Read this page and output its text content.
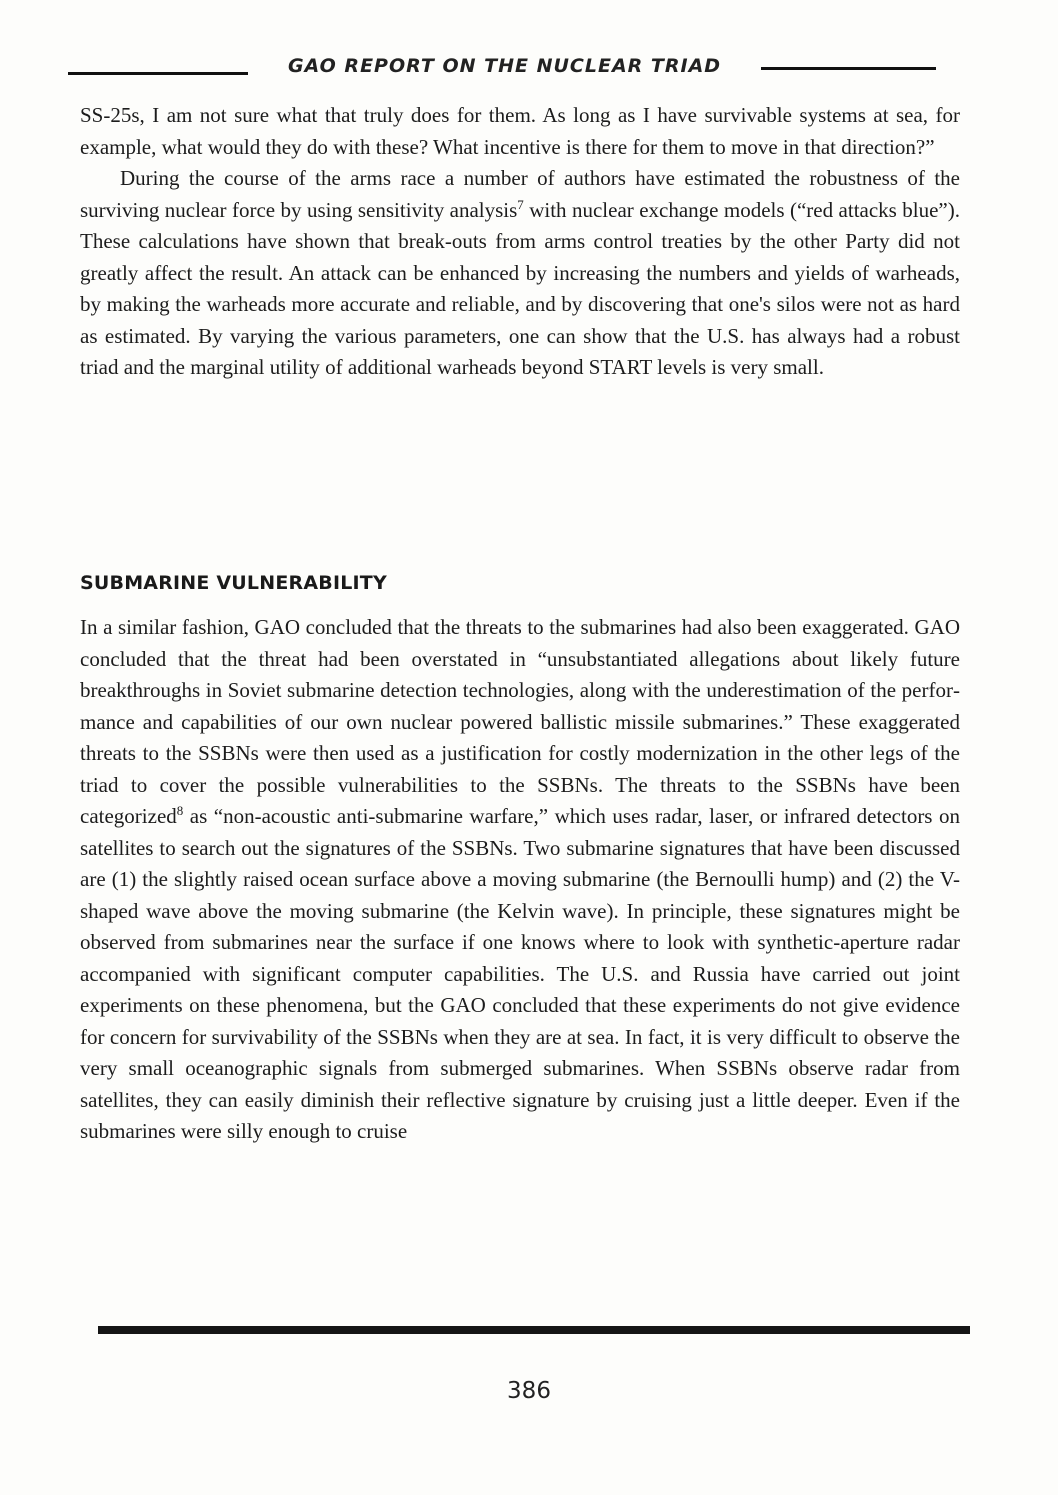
GAO REPORT ON THE NUCLEAR TRIAD

SS-25s, I am not sure what that truly does for them. As long as I have survivable systems at sea, for example, what would they do with these? What incentive is there for them to move in that direction?”

During the course of the arms race a number of authors have estimated the robustness of the surviving nuclear force by using sensitivity analysis$^7$ with nuclear exchange models (“red attacks blue”). These calculations have shown that break-outs from arms control treaties by the other Party did not greatly affect the result. An attack can be enhanced by increasing the numbers and yields of warheads, by making the warheads more accurate and reliable, and by discovering that one's silos were not as hard as estimated. By varying the various parameters, one can show that the U.S. has always had a robust triad and the marginal utility of additional warheads beyond START levels is very small.

SUBMARINE VULNERABILITY

In a similar fashion, GAO concluded that the threats to the submarines had also been exaggerated. GAO concluded that the threat had been overstated in “unsubstantiated allegations about likely future breakthroughs in Soviet submarine detection technologies, along with the underestimation of the performance and capabilities of our own nuclear powered ballistic missile submarines.” These exaggerated threats to the SSBNs were then used as a justification for costly modernization in the other legs of the triad to cover the possible vulnerabilities to the SSBNs. The threats to the SSBNs have been categorized$^8$ as “non-acoustic anti-submarine warfare,” which uses radar, laser, or infrared detectors on satellites to search out the signatures of the SSBNs. Two submarine signatures that have been discussed are (1) the slightly raised ocean surface above a moving submarine (the Bernoulli hump) and (2) the V-shaped wave above the moving submarine (the Kelvin wave). In principle, these signatures might be observed from submarines near the surface if one knows where to look with synthetic-aperture radar accompanied with significant computer capabilities. The U.S. and Russia have carried out joint experiments on these phenomena, but the GAO concluded that these experiments do not give evidence for concern for survivability of the SSBNs when they are at sea. In fact, it is very difficult to observe the very small oceanographic signals from submerged submarines. When SSBNs observe radar from satellites, they can easily diminish their reflective signature by cruising just a little deeper. Even if the submarines were silly enough to cruise

386
